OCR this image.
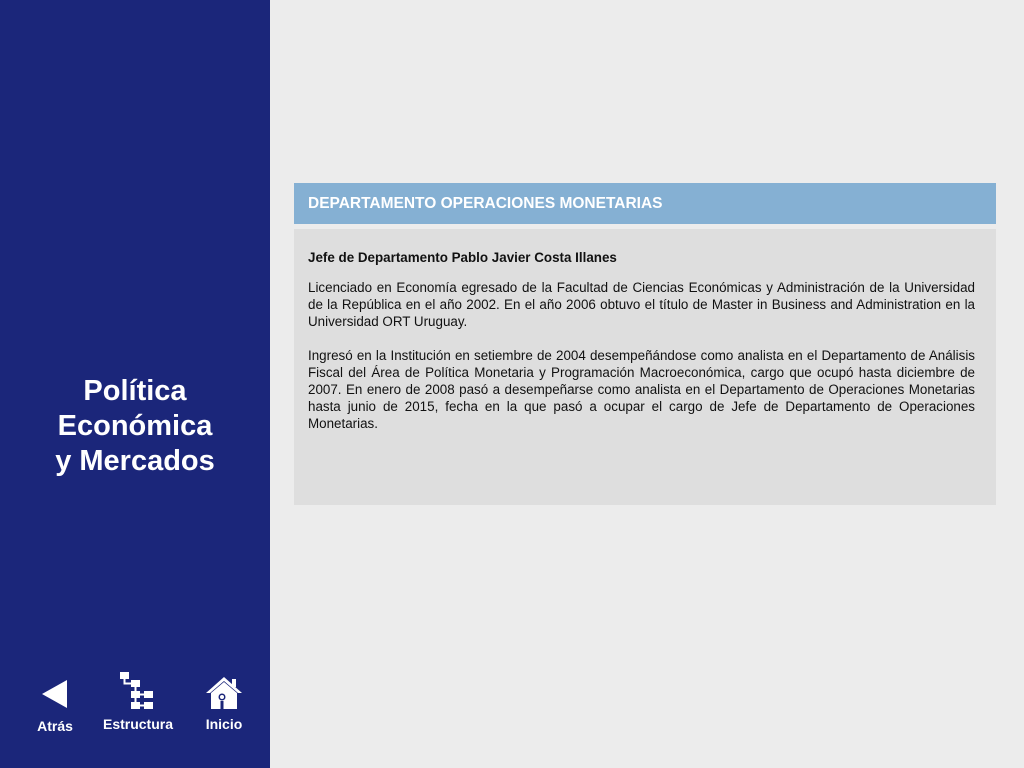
Política
Económica
y Mercados
Atrás	Estructura	Inicio
DEPARTAMENTO OPERACIONES MONETARIAS

Jefe de Departamento Pablo Javier Costa Illanes

Licenciado en Economía egresado de la Facultad de Ciencias Económicas y Administración de la Universidad de la República en el año 2002. En el año 2006 obtuvo el título de Master in Business and Administration en la Universidad ORT Uruguay.

Ingresó en la Institución en setiembre de 2004 desempeñándose como analista en el Departamento de Análisis Fiscal del Área de Política Monetaria y Programación Macroeconómica, cargo que ocupó hasta diciembre de 2007. En enero de 2008 pasó a desempeñarse como analista en el Departamento de Operaciones Monetarias hasta junio de 2015, fecha en la que pasó a ocupar el cargo de Jefe de Departamento de Operaciones Monetarias.
